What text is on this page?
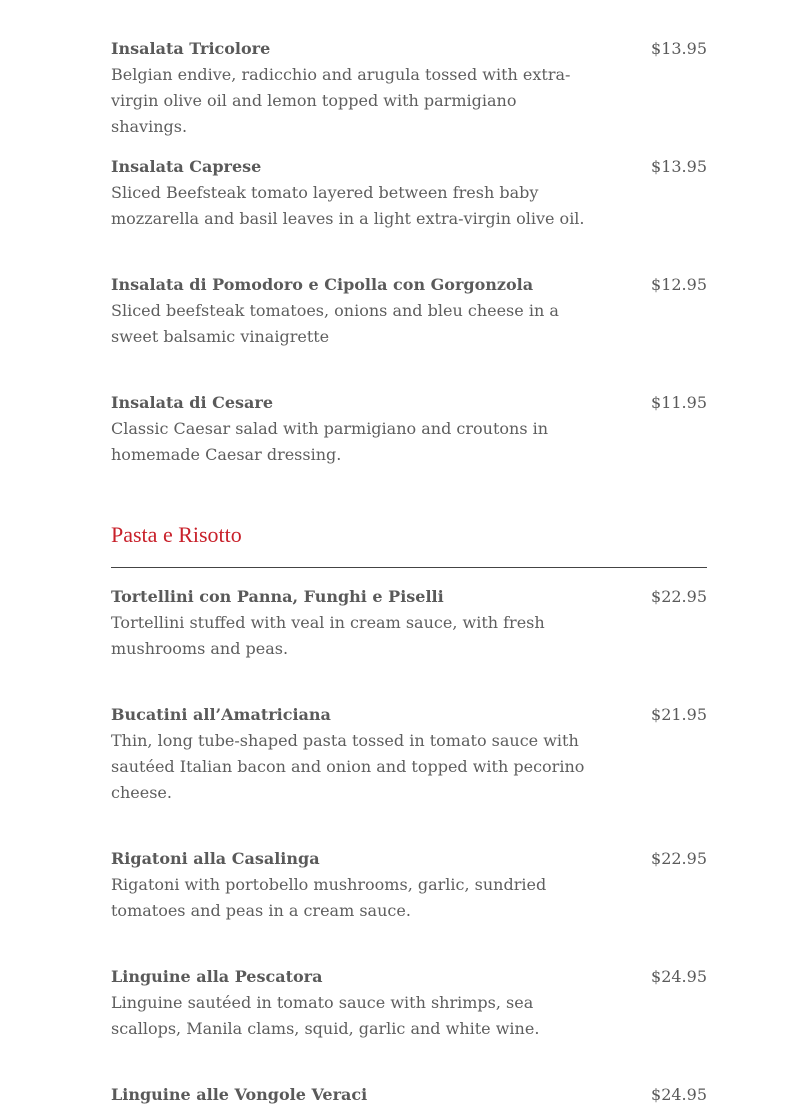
Insalata Tricolore	$13.95
Belgian endive, radicchio and arugula tossed with extra-virgin olive oil and lemon topped with parmigiano shavings.
Insalata Caprese	$13.95
Sliced Beefsteak tomato layered between fresh baby mozzarella and basil leaves in a light extra-virgin olive oil.
Insalata di Pomodoro e Cipolla con Gorgonzola	$12.95
Sliced beefsteak tomatoes, onions and bleu cheese in a sweet balsamic vinaigrette
Insalata di Cesare	$11.95
Classic Caesar salad with parmigiano and croutons in homemade Caesar dressing.
Pasta e Risotto
Tortellini con Panna, Funghi e Piselli	$22.95
Tortellini stuffed with veal in cream sauce, with fresh mushrooms and peas.
Bucatini all’Amatriciana	$21.95
Thin, long tube-shaped pasta tossed in tomato sauce with sautéed Italian bacon and onion and topped with pecorino cheese.
Rigatoni alla Casalinga	$22.95
Rigatoni with portobello mushrooms, garlic, sundried tomatoes and peas in a cream sauce.
Linguine alla Pescatora	$24.95
Linguine sautéed in tomato sauce with shrimps, sea scallops, Manila clams, squid, garlic and white wine.
Linguine alle Vongole Veraci	$24.95
